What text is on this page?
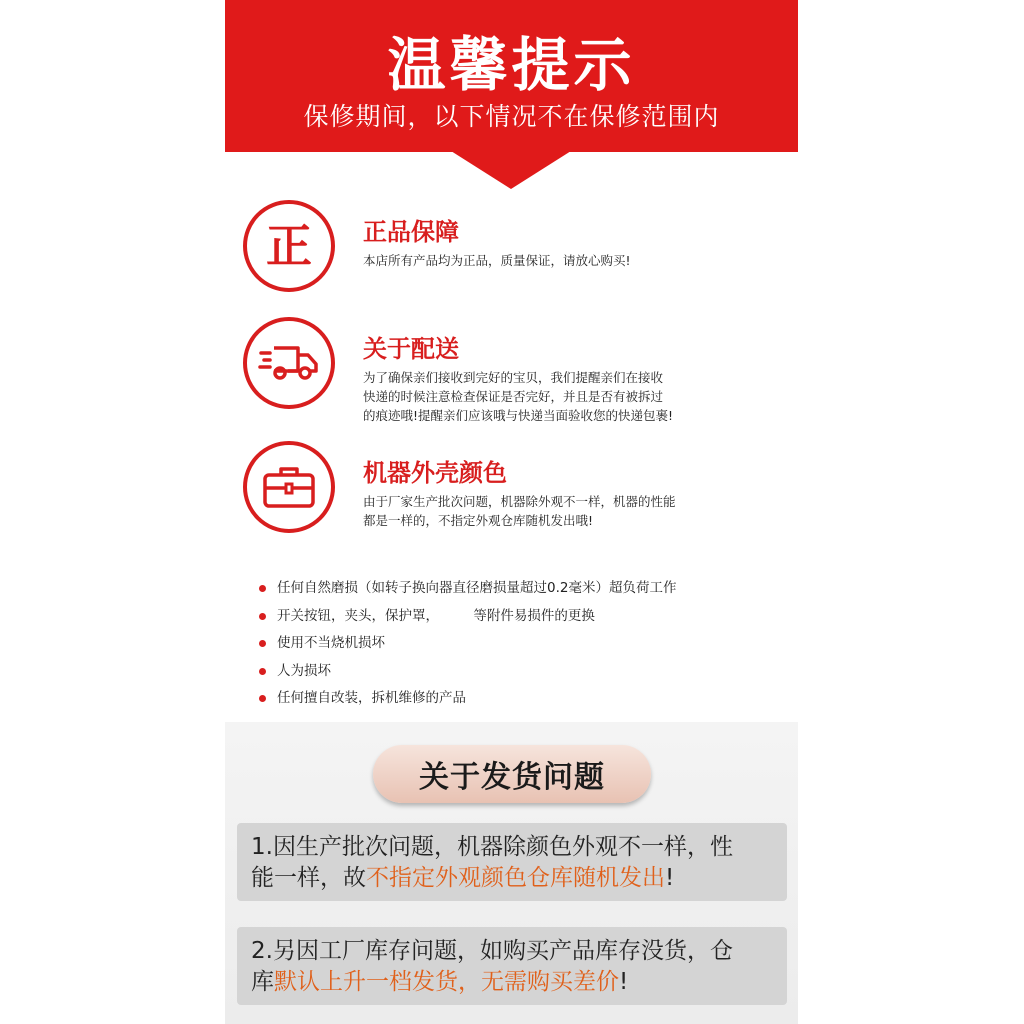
温馨提示
保修期间，以下情况不在保修范围内
正 正品保障
本店所有产品均为正品，质量保证，请放心购买!
关于配送
为了确保亲们接收到完好的宝贝，我们提醒亲们在接收
快递的时候注意检查保证是否完好，并且是否有被拆过
的痕迹哦!提醒亲们应该哦与快递当面验收您的快递包裹!
机器外壳颜色
由于厂家生产批次问题，机器除外观不一样，机器的性能
都是一样的，不指定外观仓库随机发出哦!
任何自然磨损（如转子换向器直径磨损量超过0.2毫米）超负荷工作
开关按钮，夹头，保护罩，        等附件易损件的更换
使用不当烧机损坏
人为损坏
任何擅自改装，拆机维修的产品
关于发货问题
1.因生产批次问题，机器除颜色外观不一样，性
能一样，故不指定外观颜色仓库随机发出!
2.另因工厂库存问题，如购买产品库存没货，仓
库默认上升一档发货，无需购买差价!
